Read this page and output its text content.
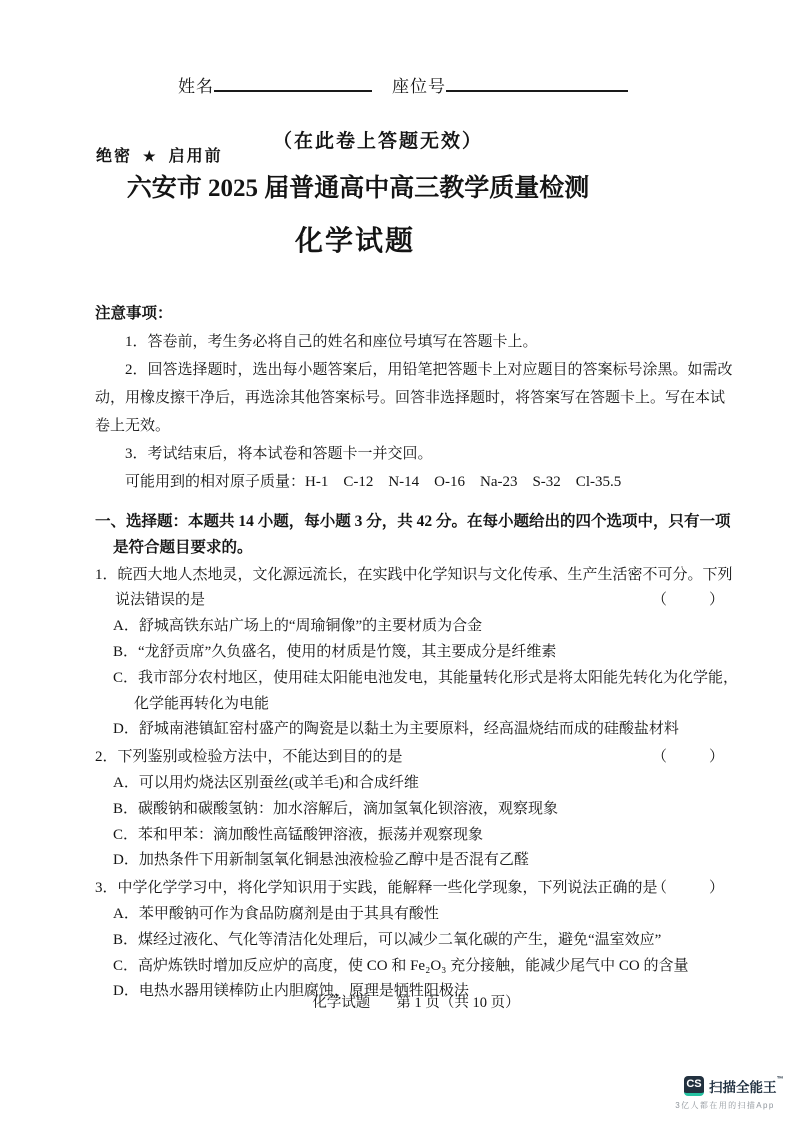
姓名	座位号
（在此卷上答题无效）
绝密 ★ 启用前
六安市 2025 届普通高中高三教学质量检测
化学试题
注意事项：

1．答卷前，考生务必将自己的姓名和座位号填写在答题卡上。

2．回答选择题时，选出每小题答案后，用铅笔把答题卡上对应题目的答案标号涂黑。如需改动，用橡皮擦干净后，再选涂其他答案标号。回答非选择题时，将答案写在答题卡上。写在本试卷上无效。

3．考试结束后，将本试卷和答题卡一并交回。

可能用到的相对原子质量：H-1　C-12　N-14　O-16　Na-23　S-32　Cl-35.5

一、选择题：本题共 14 小题，每小题 3 分，共 42 分。在每小题给出的四个选项中，只有一项是符合题目要求的。
1．皖西大地人杰地灵，文化源远流长，在实践中化学知识与文化传承、生产生活密不可分。下列说法错误的是	（　　）
A．舒城高铁东站广场上的“周瑜铜像”的主要材质为合金
B．“龙舒贡席”久负盛名，使用的材质是竹篾，其主要成分是纤维素
C．我市部分农村地区，使用硅太阳能电池发电，其能量转化形式是将太阳能先转化为化学能，化学能再转化为电能
D．舒城南港镇缸窑村盛产的陶瓷是以黏土为主要原料，经高温烧结而成的硅酸盐材料
2．下列鉴别或检验方法中，不能达到目的的是	（　　）
A．可以用灼烧法区别蚕丝(或羊毛)和合成纤维
B．碳酸钠和碳酸氢钠：加水溶解后，滴加氢氧化钡溶液，观察现象
C．苯和甲苯：滴加酸性高锰酸钾溶液，振荡并观察现象
D．加热条件下用新制氢氧化铜悬浊液检验乙醇中是否混有乙醛
3．中学化学学习中，将化学知识用于实践，能解释一些化学现象，下列说法正确的是
（　　）
A．苯甲酸钠可作为食品防腐剂是由于其具有酸性
B．煤经过液化、气化等清洁化处理后，可以减少二氧化碳的产生，避免“温室效应”
C．高炉炼铁时增加反应炉的高度，使 CO 和 Fe₂O₃ 充分接触，能减少尾气中 CO 的含量
D．电热水器用镁棒防止内胆腐蚀，原理是牺牲阳极法
化学试题 第 1 页（共 10 页）
CS 扫描全能王™
3亿人都在用的扫描App
